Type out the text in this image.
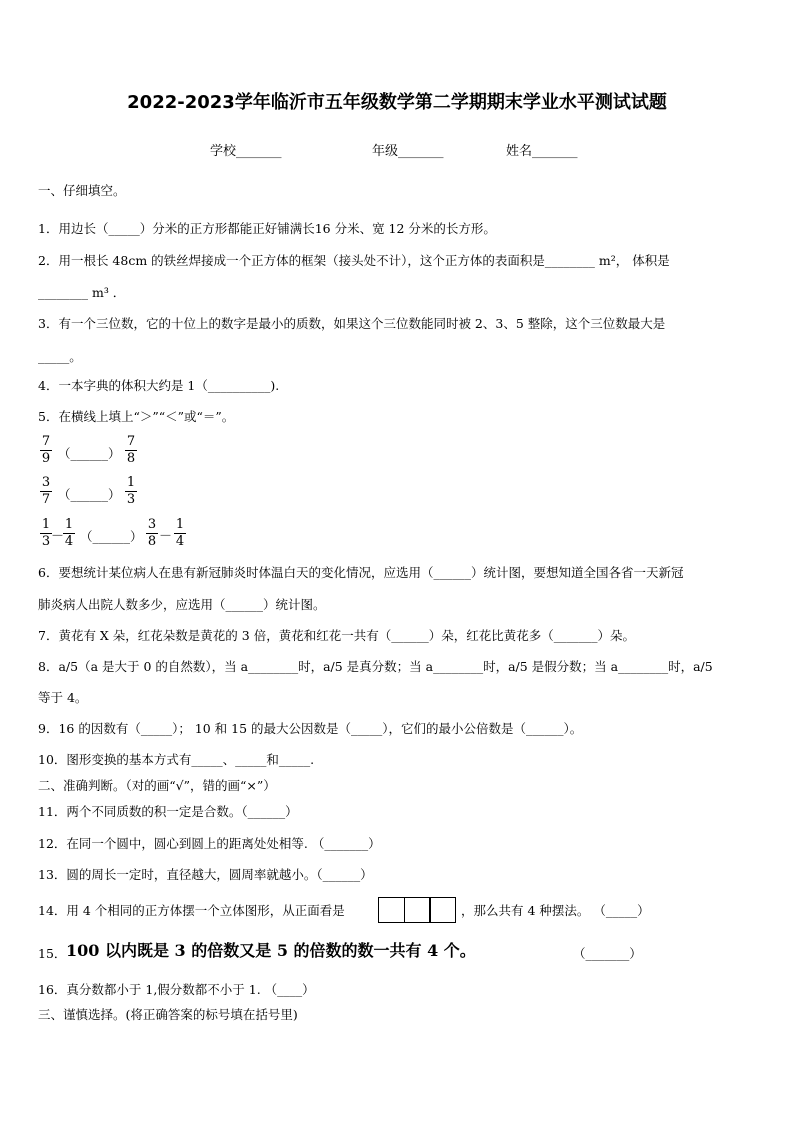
2022-2023学年临沂市五年级数学第二学期期末学业水平测试试题
学校_______	年级_______	姓名_______
一、仔细填空。
1．用边长（_____）分米的正方形都能正好铺满长16 分米、宽 12 分米的长方形。
2．用一根长 48cm 的铁丝焊接成一个正方体的框架（接头处不计），这个正方体的表面积是________ m²， 体积是
________ m³ ．
3．有一个三位数，它的十位上的数字是最小的质数，如果这个三位数能同时被 2、3、5 整除，这个三位数最大是
_____。
4．一本字典的体积大约是 1（__________).
5．在横线上填上“＞”“＜”或“＝”。
7
9 （______）
7
8
3
7 （______）
1
3
1
3 －
1
4 （______）
3
8 －
1
4
6．要想统计某位病人在患有新冠肺炎时体温白天的变化情况，应选用（______）统计图，要想知道全国各省一天新冠
肺炎病人出院人数多少，应选用（______）统计图。
7．黄花有 X 朵，红花朵数是黄花的 3 倍，黄花和红花一共有（______）朵，红花比黄花多（_______）朵。
8．a/5（a 是大于 0 的自然数），当 a________时，a/5 是真分数；当 a________时，a/5 是假分数；当 a________时，a/5
等于 4。
9．16 的因数有（_____）； 10 和 15 的最大公因数是（_____），它们的最小公倍数是（______）。
10．图形变换的基本方式有_____、_____和_____.
二、准确判断。（对的画“√”，错的画“×”）
11．两个不同质数的积一定是合数。（______）
12．在同一个圆中，圆心到圆上的距离处处相等. （_______）
13．圆的周长一定时，直径越大，圆周率就越小。（______）
14．用 4 个相同的正方体摆一个立体图形，从正面看是	，那么共有 4 种摆法。 （_____）
15． 100 以内既是 3 的倍数又是 5 的倍数的数一共有 4 个。	（_______）
16．真分数都小于 1,假分数都不小于 1. （____）
三、谨慎选择。(将正确答案的标号填在括号里)
